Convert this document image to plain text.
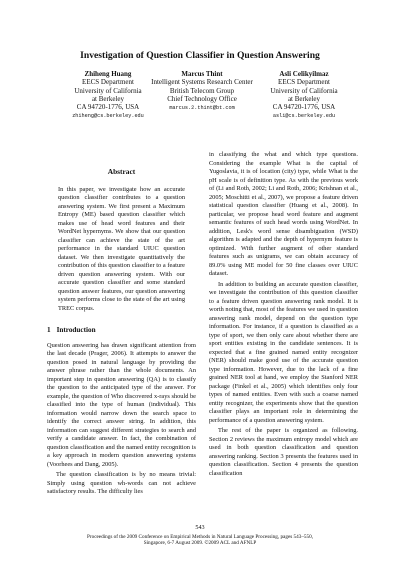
Investigation of Question Classifier in Question Answering
Zhiheng Huang
EECS Department
University of California
at Berkeley
CA 94720-1776, USA
zhiheng@cs.berkeley.edu
Marcus Thint
Intelligent Systems Research Center
British Telecom Group
Chief Technology Office
marcus.2.thint@bt.com
Asli Celikyilmaz
EECS Department
University of California
at Berkeley
CA 94720-1776, USA
asli@cs.berkeley.edu
Abstract
In this paper, we investigate how an accurate question classifier contributes to a question answering system. We first present a Maximum Entropy (ME) based question classifier which makes use of head word features and their WordNet hypernyms. We show that our question classifier can achieve the state of the art performance in the standard UIUC question dataset. We then investigate quantitatively the contribution of this question classifier to a feature driven question answering system. With our accurate question classifier and some standard question answer features, our question answering system performs close to the state of the art using TREC corpus.
1 Introduction

Question answering has drawn significant attention from the last decade (Prager, 2006). It attempts to answer the question posed in natural language by providing the answer phrase rather than the whole documents. An important step in question answering (QA) is to classify the question to the anticipated type of the answer. For example, the question of Who discovered x-rays should be classified into the type of human (individual). This information would narrow down the search space to identify the correct answer string. In addition, this information can suggest different strategies to search and verify a candidate answer. In fact, the combination of question classification and the named entity recognition is a key approach in modern question answering systems (Voorhees and Dang, 2005).

The question classification is by no means trivial: Simply using question wh-words can not achieve satisfactory results. The difficulty lies

in classifying the what and which type questions. Considering the example What is the capital of Yugoslavia, it is of location (city) type, while What is the pH scale is of definition type. As with the previous work of (Li and Roth, 2002; Li and Roth, 2006; Krishnan et al., 2005; Moschitti et al., 2007), we propose a feature driven statistical question classifier (Huang et al., 2008). In particular, we propose head word feature and augment semantic features of such head words using WordNet. In addition, Lesk's word sense disambiguation (WSD) algorithm is adapted and the depth of hypernym feature is optimized. With further augment of other standard features such as unigrams, we can obtain accuracy of 89.0% using ME model for 50 fine classes over UIUC dataset.

In addition to building an accurate question classifier, we investigate the contribution of this question classifier to a feature driven question answering rank model. It is worth noting that, most of the features we used in question answering rank model, depend on the question type information. For instance, if a question is classified as a type of sport, we then only care about whether there are sport entities existing in the candidate sentences. It is expected that a fine grained named entity recognizer (NER) should make good use of the accurate question type information. However, due to the lack of a fine grained NER tool at hand, we employ the Stanford NER package (Finkel et al., 2005) which identifies only four types of named entities. Even with such a coarse named entity recognizer, the experiments show that the question classifier plays an important role in determining the performance of a question answering system.

The rest of the paper is organized as following. Section 2 reviews the maximum entropy model which are used in both question classification and question answering ranking. Section 3 presents the features used in question classification. Section 4 presents the question classification

543
Proceedings of the 2009 Conference on Empirical Methods in Natural Language Processing, pages 543–550,
Singapore, 6-7 August 2009. ©2009 ACL and AFNLP
